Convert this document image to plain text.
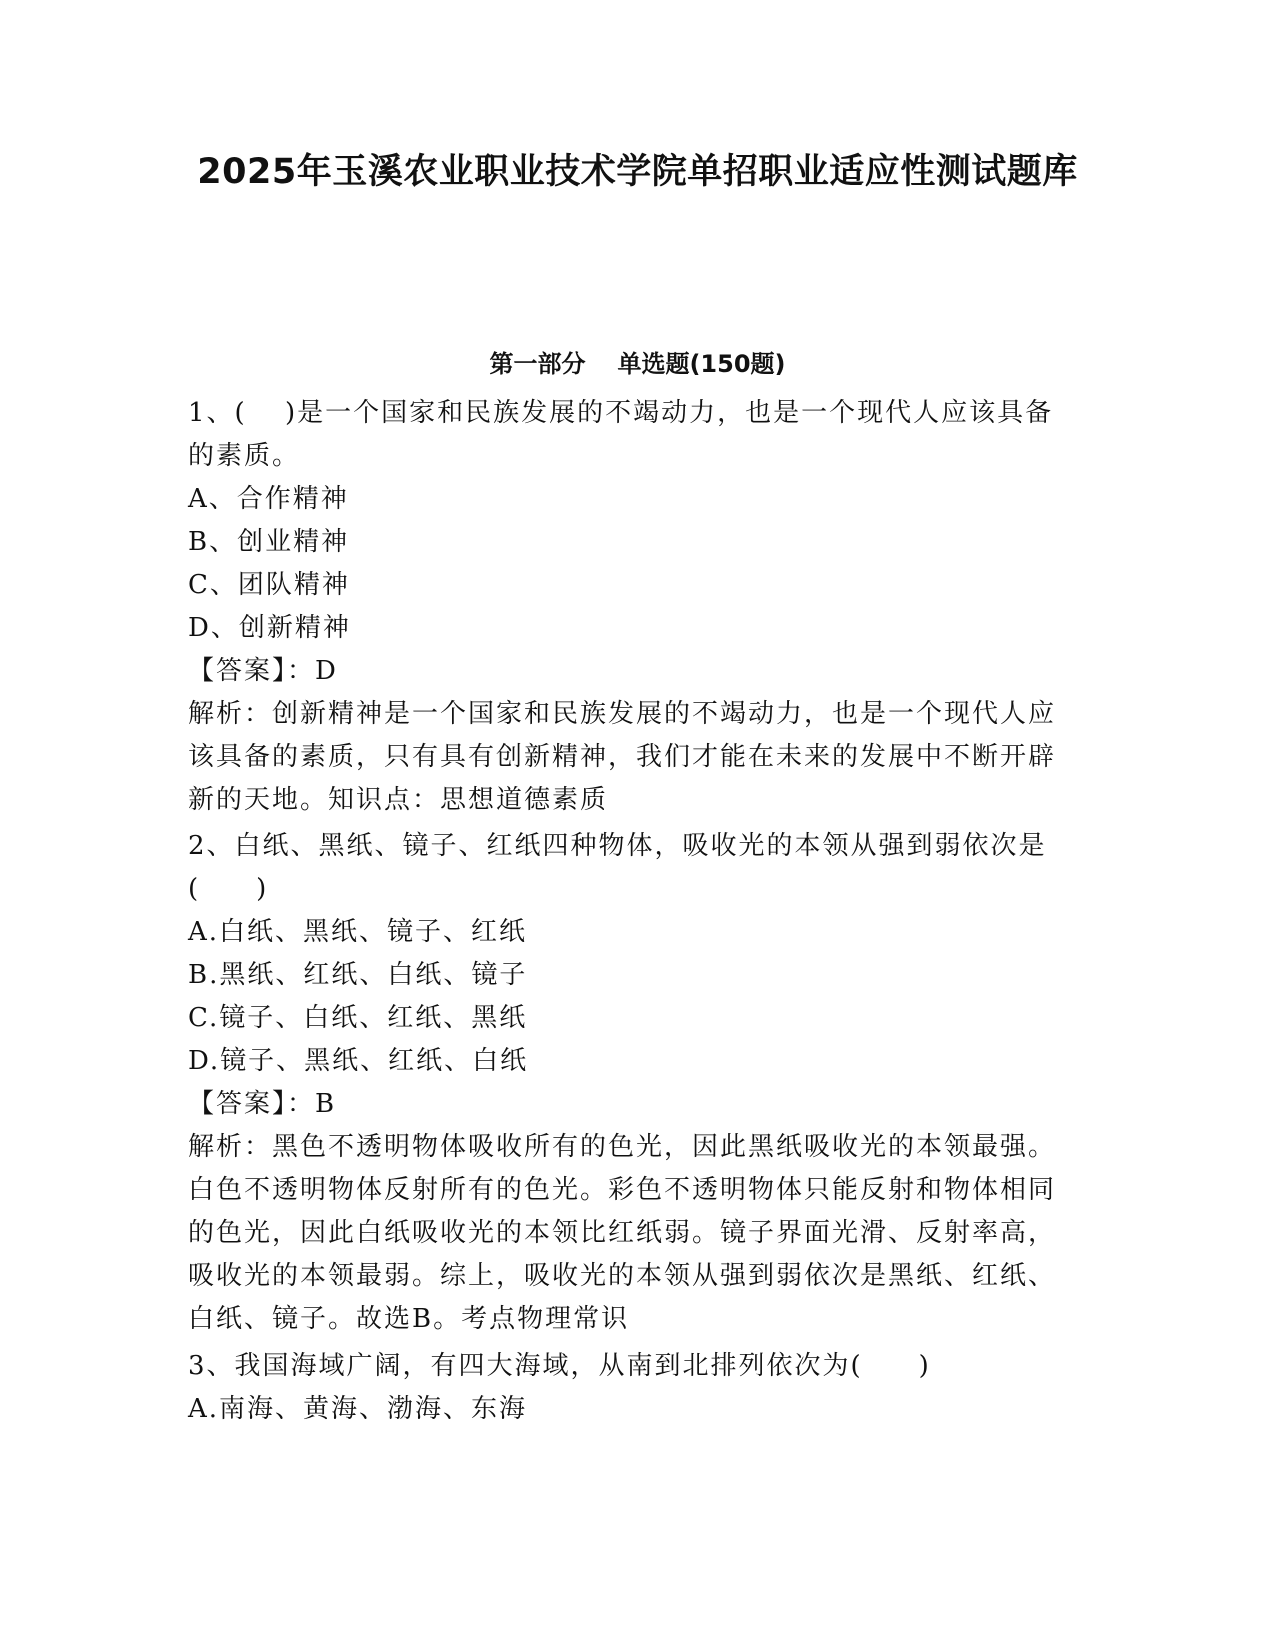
2025年玉溪农业职业技术学院单招职业适应性测试题库
第一部分 单选题(150题)

1、(　 )是一个国家和民族发展的不竭动力，也是一个现代人应该具备的素质。

A、合作精神

B、创业精神

C、团队精神

D、创新精神

【答案】：D

解析：创新精神是一个国家和民族发展的不竭动力，也是一个现代人应该具备的素质，只有具有创新精神，我们才能在未来的发展中不断开辟新的天地。知识点：思想道德素质

2、白纸、黑纸、镜子、红纸四种物体，吸收光的本领从强到弱依次是(　　)

A.白纸、黑纸、镜子、红纸

B.黑纸、红纸、白纸、镜子

C.镜子、白纸、红纸、黑纸

D.镜子、黑纸、红纸、白纸

【答案】：B

解析：黑色不透明物体吸收所有的色光，因此黑纸吸收光的本领最强。白色不透明物体反射所有的色光。彩色不透明物体只能反射和物体相同的色光，因此白纸吸收光的本领比红纸弱。镜子界面光滑、反射率高，吸收光的本领最弱。综上，吸收光的本领从强到弱依次是黑纸、红纸、白纸、镜子。故选B。考点物理常识

3、我国海域广阔，有四大海域，从南到北排列依次为(　　)

A.南海、黄海、渤海、东海
